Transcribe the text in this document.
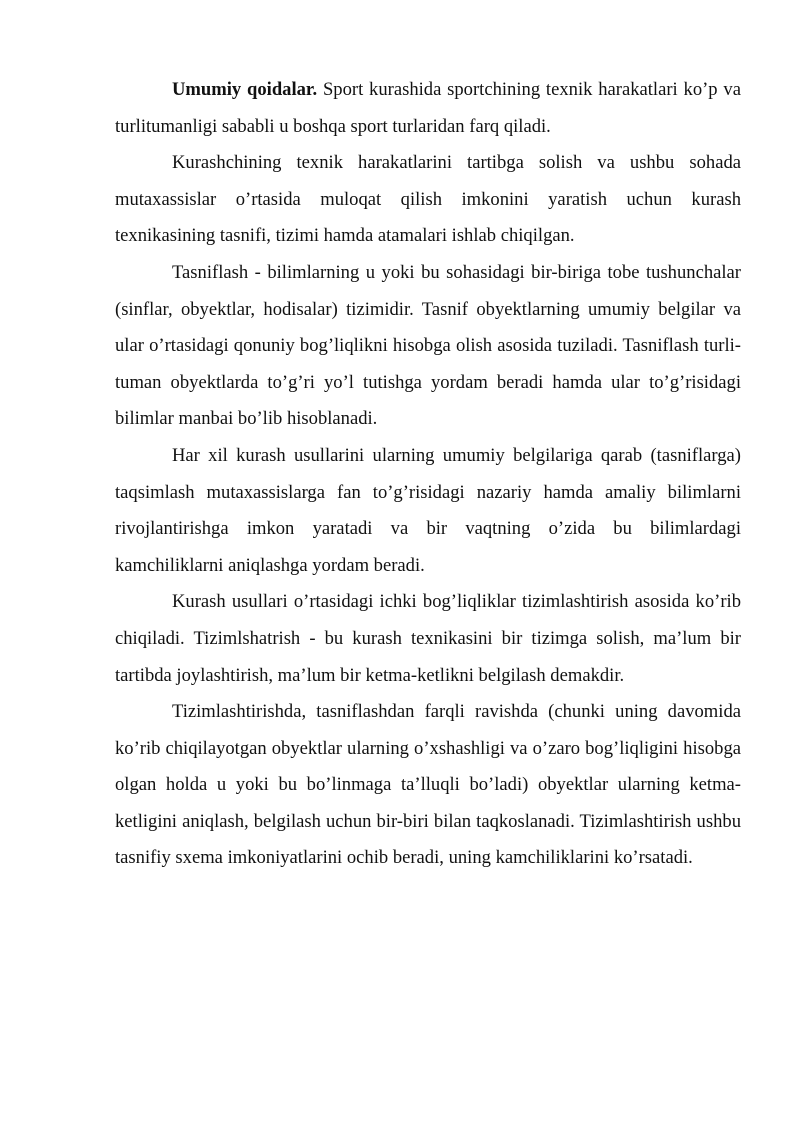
Umumiy qoidalar. Sport kurashida sportchining texnik harakatlari ko’p va turlitumanligi sababli u boshqa sport turlaridan farq qiladi.

Kurashchining texnik harakatlarini tartibga solish va ushbu sohada mutaxassislar o’rtasida muloqat qilish imkonini yaratish uchun kurash texnikasining tasnifi, tizimi hamda atamalari ishlab chiqilgan.

Tasniflash - bilimlarning u yoki bu sohasidagi bir-biriga tobe tushunchalar (sinflar, obyektlar, hodisalar) tizimidir. Tasnif obyektlarning umumiy belgilar va ular o’rtasidagi qonuniy bog’liqlikni hisobga olish asosida tuziladi. Tasniflash turli-tuman obyektlarda to’g’ri yo’l tutishga yordam beradi hamda ular to’g’risidagi bilimlar manbai bo’lib hisoblanadi.

Har xil kurash usullarini ularning umumiy belgilariga qarab (tasniflarga) taqsimlash mutaxassislarga fan to’g’risidagi nazariy hamda amaliy bilimlarni rivojlantirishga imkon yaratadi va bir vaqtning o’zida bu bilimlardagi kamchiliklarni aniqlashga yordam beradi.

Kurash usullari o’rtasidagi ichki bog’liqliklar tizimlashtirish asosida ko’rib chiqiladi. Tizimlshatrish - bu kurash texnikasini bir tizimga solish, ma’lum bir tartibda joylashtirish, ma’lum bir ketma-ketlikni belgilash demakdir.

Tizimlashtirishda, tasniflashdan farqli ravishda (chunki uning davomida ko’rib chiqilayotgan obyektlar ularning o’xshashligi va o’zaro bog’liqligini hisobga olgan holda u yoki bu bo’linmaga ta’lluqli bo’ladi) obyektlar ularning ketma-ketligini aniqlash, belgilash uchun bir-biri bilan taqkoslanadi. Tizimlashtirish ushbu tasnifiy sxema imkoniyatlarini ochib beradi, uning kamchiliklarini ko’rsatadi.
